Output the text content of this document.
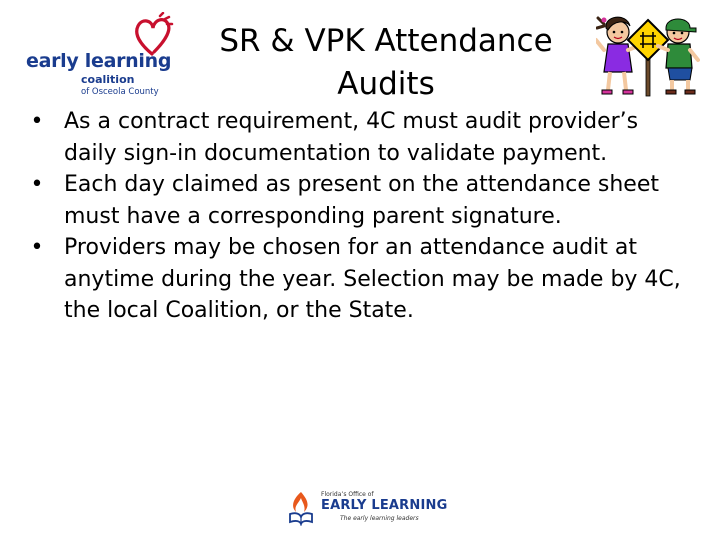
early learning
coalition
of Osceola County
SR & VPK Attendance
Audits
• As a contract requirement, 4C must audit provider’s daily sign-in documentation to validate payment.
• Each day claimed as present on the attendance sheet must have a corresponding parent signature.
• Providers may be chosen for an attendance audit at anytime during the year. Selection may be made by 4C, the local Coalition, or the State.
Florida’s Office of
EARLY LEARNING
The early learning leaders
